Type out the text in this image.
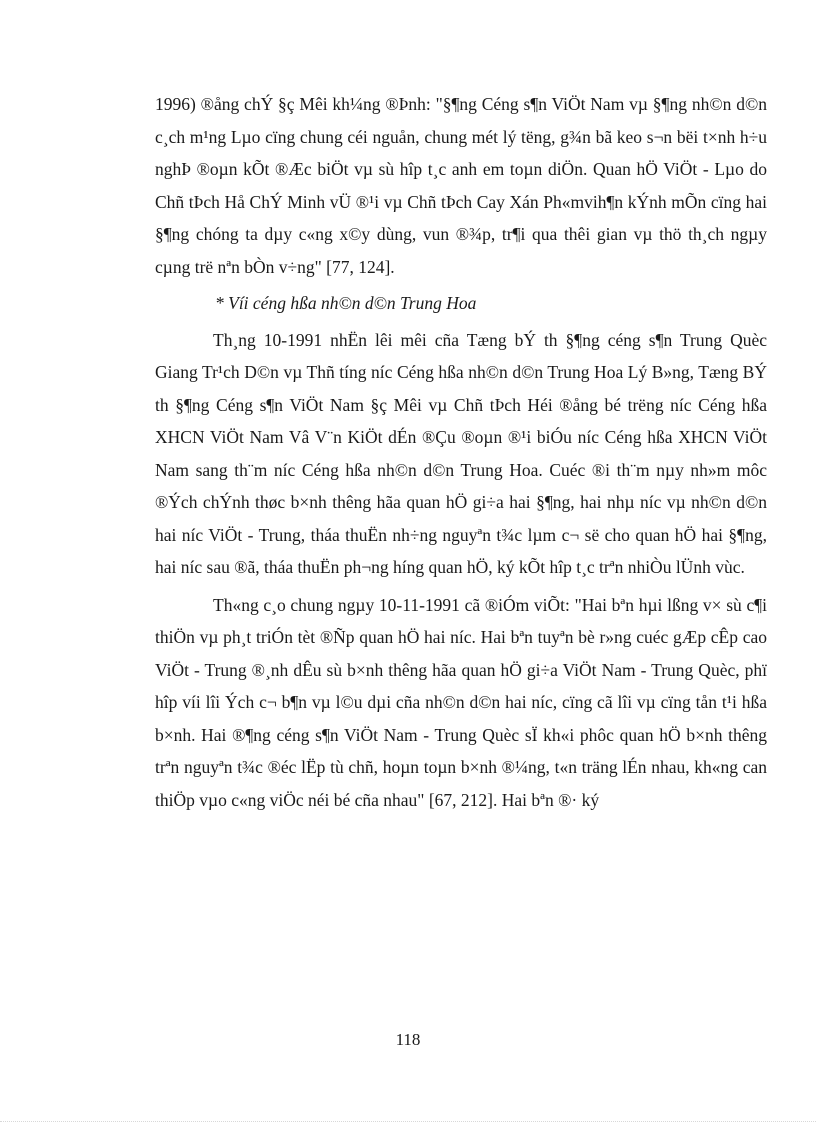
1996) ®ång chÝ §ç Mêi kh¼ng ®Þnh: "§¶ng Céng s¶n ViÖt Nam vµ §¶ng nh©n d©n c¸ch m¹ng Lµo cïng chung céi nguån, chung mét lý tëng, g¾n bã keo s¬n bëi t×nh h÷u nghÞ ®oµn kÕt ®Æc biÖt vµ sù hîp t¸c anh em toµn diÖn. Quan hÖ ViÖt - Lµo do Chñ tÞch Hå ChÝ Minh vÜ ®¹i vµ Chñ tÞch Cay Xán Ph«mvih¶n kÝnh mÕn cïng hai §¶ng chóng ta dµy c«ng x©y dùng, vun ®¾p, tr¶i qua thêi gian vµ thö th¸ch ngµy cµng trë nªn bÒn v÷ng" [77, 124].

* Víi céng hßa nh©n d©n Trung Hoa

Th¸ng 10-1991 nhËn lêi mêi cña Tæng bÝ th §¶ng céng s¶n Trung Quèc Giang Tr¹ch D©n vµ Thñ tíng níc Céng hßa nh©n d©n Trung Hoa Lý B»ng, Tæng BÝ th §¶ng Céng s¶n ViÖt Nam §ç Mêi vµ Chñ tÞch Héi ®ång bé trëng níc Céng hßa XHCN ViÖt Nam Vâ V¨n KiÖt dÉn ®Çu ®oµn ®¹i biÓu níc Céng hßa XHCN ViÖt Nam sang th¨m níc Céng hßa nh©n d©n Trung Hoa. Cuéc ®i th¨m nµy nh»m môc ®Ých chÝnh thøc b×nh thêng hãa quan hÖ gi÷a hai §¶ng, hai nhµ níc vµ nh©n d©n hai níc ViÖt - Trung, tháa thuËn nh÷ng nguyªn t¾c lµm c¬ së cho quan hÖ hai §¶ng, hai níc sau ®ã, tháa thuËn ph¬ng híng quan hÖ, ký kÕt hîp t¸c trªn nhiÒu lÜnh vùc.

Th«ng c¸o chung ngµy 10-11-1991 cã ®iÓm viÕt: "Hai bªn hµi lßng v× sù c¶i thiÖn vµ ph¸t triÓn tèt ®Ñp quan hÖ hai níc. Hai bªn tuyªn bè r»ng cuéc gÆp cÊp cao ViÖt - Trung ®¸nh dÊu sù b×nh thêng hãa quan hÖ gi÷a ViÖt Nam - Trung Quèc, phï hîp víi lîi Ých c¬ b¶n vµ l©u dµi cña nh©n d©n hai níc, cïng cã lîi vµ cïng tån t¹i hßa b×nh. Hai ®¶ng céng s¶n ViÖt Nam - Trung Quèc sÏ kh«i phôc quan hÖ b×nh thêng trªn nguyªn t¾c ®éc lËp tù chñ, hoµn toµn b×nh ®¼ng, t«n träng lÉn nhau, kh«ng can thiÖp vµo c«ng viÖc néi bé cña nhau" [67, 212]. Hai bªn ®· ký

118
